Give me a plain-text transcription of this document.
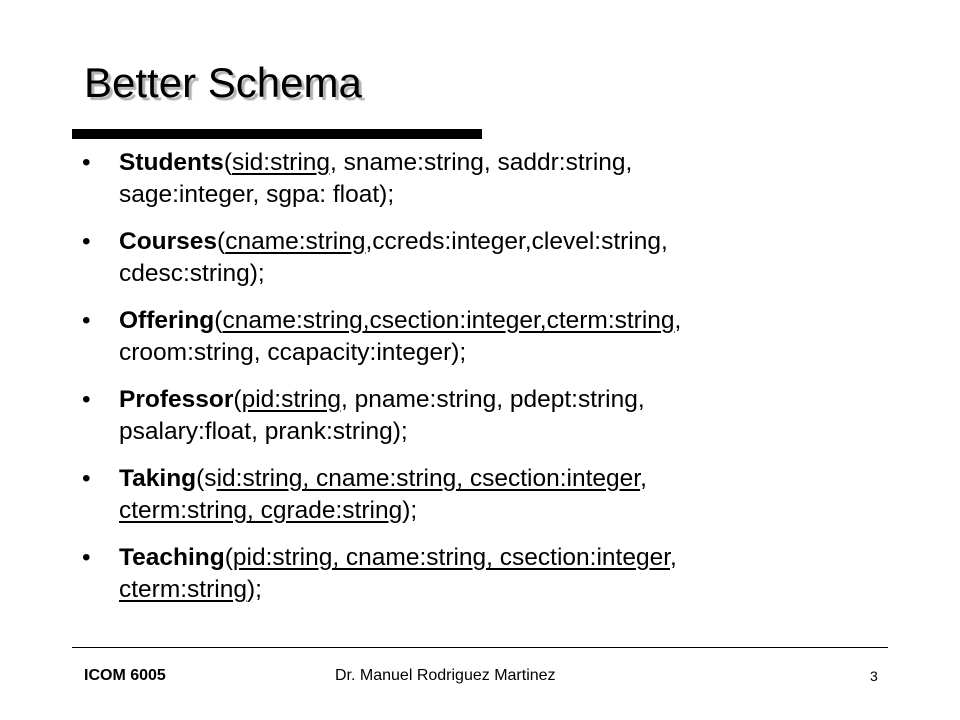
Better Schema
• Students(sid:string, sname:string, saddr:string,
sage:integer, sgpa: float);
• Courses(cname:string,ccreds:integer,clevel:string,
cdesc:string);
• Offering(cname:string,csection:integer,cterm:string,
croom:string, ccapacity:integer);
• Professor(pid:string, pname:string, pdept:string,
psalary:float, prank:string);
• Taking(sid:string, cname:string, csection:integer,
cterm:string, cgrade:string);
• Teaching(pid:string, cname:string, csection:integer,
cterm:string);
ICOM 6005	Dr. Manuel Rodriguez Martinez	3
